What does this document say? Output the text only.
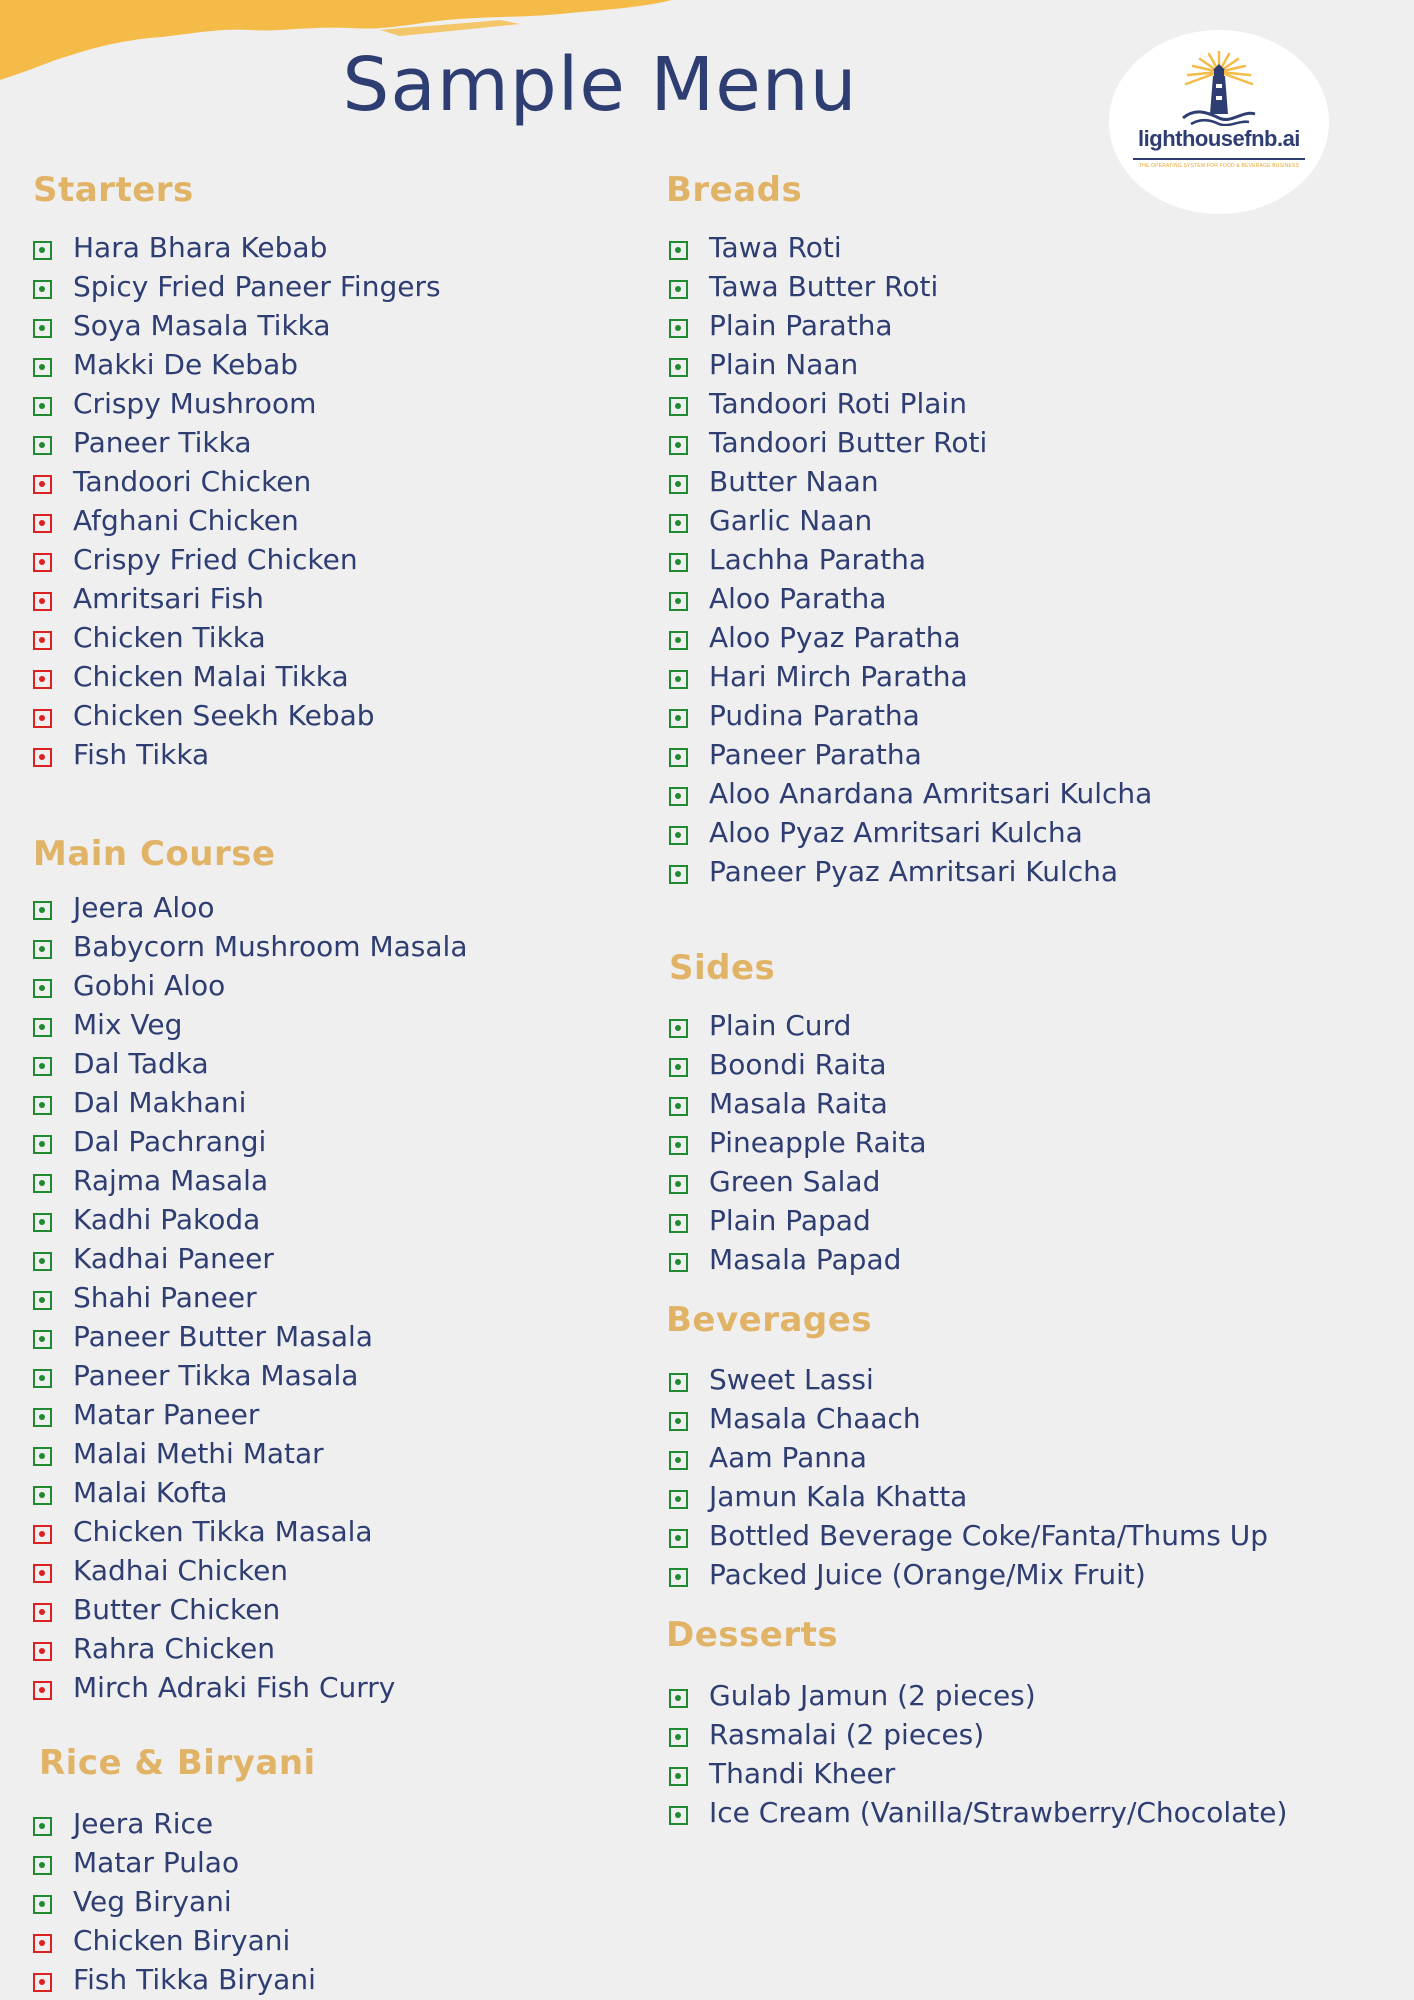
Sample Menu
lighthousefnb.ai
THE OPERATING SYSTEM FOR FOOD & BEVERAGE BUSINESS
Starters
Hara Bhara Kebab
Spicy Fried Paneer Fingers
Soya Masala Tikka
Makki De Kebab
Crispy Mushroom
Paneer Tikka
Tandoori Chicken
Afghani Chicken
Crispy Fried Chicken
Amritsari Fish
Chicken Tikka
Chicken Malai Tikka
Chicken Seekh Kebab
Fish Tikka
Main Course
Jeera Aloo
Babycorn Mushroom Masala
Gobhi Aloo
Mix Veg
Dal Tadka
Dal Makhani
Dal Pachrangi
Rajma Masala
Kadhi Pakoda
Kadhai Paneer
Shahi Paneer
Paneer Butter Masala
Paneer Tikka Masala
Matar Paneer
Malai Methi Matar
Malai Kofta
Chicken Tikka Masala
Kadhai Chicken
Butter Chicken
Rahra Chicken
Mirch Adraki Fish Curry
Rice & Biryani
Jeera Rice
Matar Pulao
Veg Biryani
Chicken Biryani
Fish Tikka Biryani
Breads
Tawa Roti
Tawa Butter Roti
Plain Paratha
Plain Naan
Tandoori Roti Plain
Tandoori Butter Roti
Butter Naan
Garlic Naan
Lachha Paratha
Aloo Paratha
Aloo Pyaz Paratha
Hari Mirch Paratha
Pudina Paratha
Paneer Paratha
Aloo Anardana Amritsari Kulcha
Aloo Pyaz Amritsari Kulcha
Paneer Pyaz Amritsari Kulcha
Sides
Plain Curd
Boondi Raita
Masala Raita
Pineapple Raita
Green Salad
Plain Papad
Masala Papad
Beverages
Sweet Lassi
Masala Chaach
Aam Panna
Jamun Kala Khatta
Bottled Beverage Coke/Fanta/Thums Up
Packed Juice (Orange/Mix Fruit)
Desserts
Gulab Jamun (2 pieces)
Rasmalai (2 pieces)
Thandi Kheer
Ice Cream (Vanilla/Strawberry/Chocolate)
